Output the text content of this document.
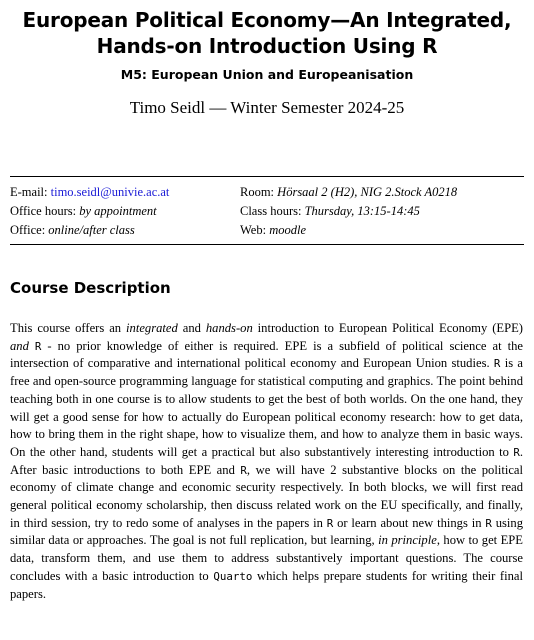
European Political Economy—An Integrated,
Hands-on Introduction Using R
M5: European Union and Europeanisation
Timo Seidl — Winter Semester 2024-25
E-mail: timo.seidl@univie.ac.at
Office hours: by appointment
Office: online/after class
Room: Hörsaal 2 (H2), NIG 2.Stock A0218
Class hours: Thursday, 13:15-14:45
Web: moodle
Course Description

This course offers an integrated and hands-on introduction to European Political Economy (EPE) and R - no prior knowledge of either is required. EPE is a subfield of political science at the intersection of comparative and international political economy and European Union studies. R is a free and open-source programming language for statistical computing and graphics. The point behind teaching both in one course is to allow students to get the best of both worlds. On the one hand, they will get a good sense for how to actually do European political economy research: how to get data, how to bring them in the right shape, how to visualize them, and how to analyze them in basic ways. On the other hand, students will get a practical but also substantively interesting introduction to R. After basic introductions to both EPE and R, we will have 2 substantive blocks on the political economy of climate change and economic security respectively. In both blocks, we will first read general political economy scholarship, then discuss related work on the EU specifically, and finally, in third session, try to redo some of analyses in the papers in R or learn about new things in R using similar data or approaches. The goal is not full replication, but learning, in principle, how to get EPE data, transform them, and use them to address substantively important questions. The course concludes with a basic introduction to Quarto which helps prepare students for writing their final papers.
